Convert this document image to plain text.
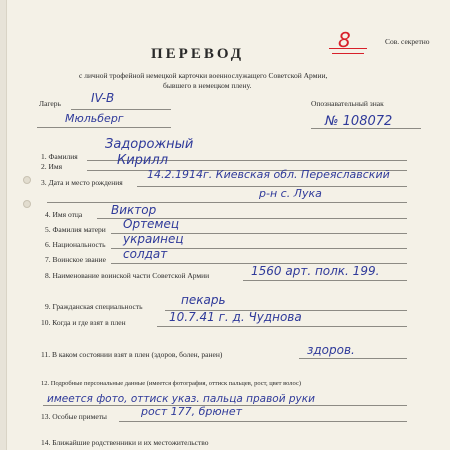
Сов. секретно
8
ПЕРЕВОД
с личной трофейной немецкой карточки военнослужащего Советской Армии,
бывшего в немецком плену.
Лагерь	IV-B
Мюльберг
Опознавательный знак
№ 108072
1. Фамилия
Задорожный
2. Имя	Кирилл
3. Дата и место рождения
14.2.1914г. Киевская обл. Переяславский
р-н с. Лука
4. Имя отца Виктор
5. Фамилия матери Ортемец
6. Национальность украинец
7. Воинское звание солдат
8. Наименование воинской части Советской Армии	1560 арт. полк. 199.
9. Гражданская специальность	пекарь
10. Когда и где взят в плен	10.7.41 г. д. Чуднова
11. В каком состоянии взят в плен (здоров, болен, ранен)	здоров.
12. Подробные персональные данные (имеется фотография, оттиск пальцев, рост, цвет волос)
имеется фото, оттиск указ. пальца правой руки
13. Особые приметы	рост 177, брюнет
14. Ближайшие родственники и их местожительство
